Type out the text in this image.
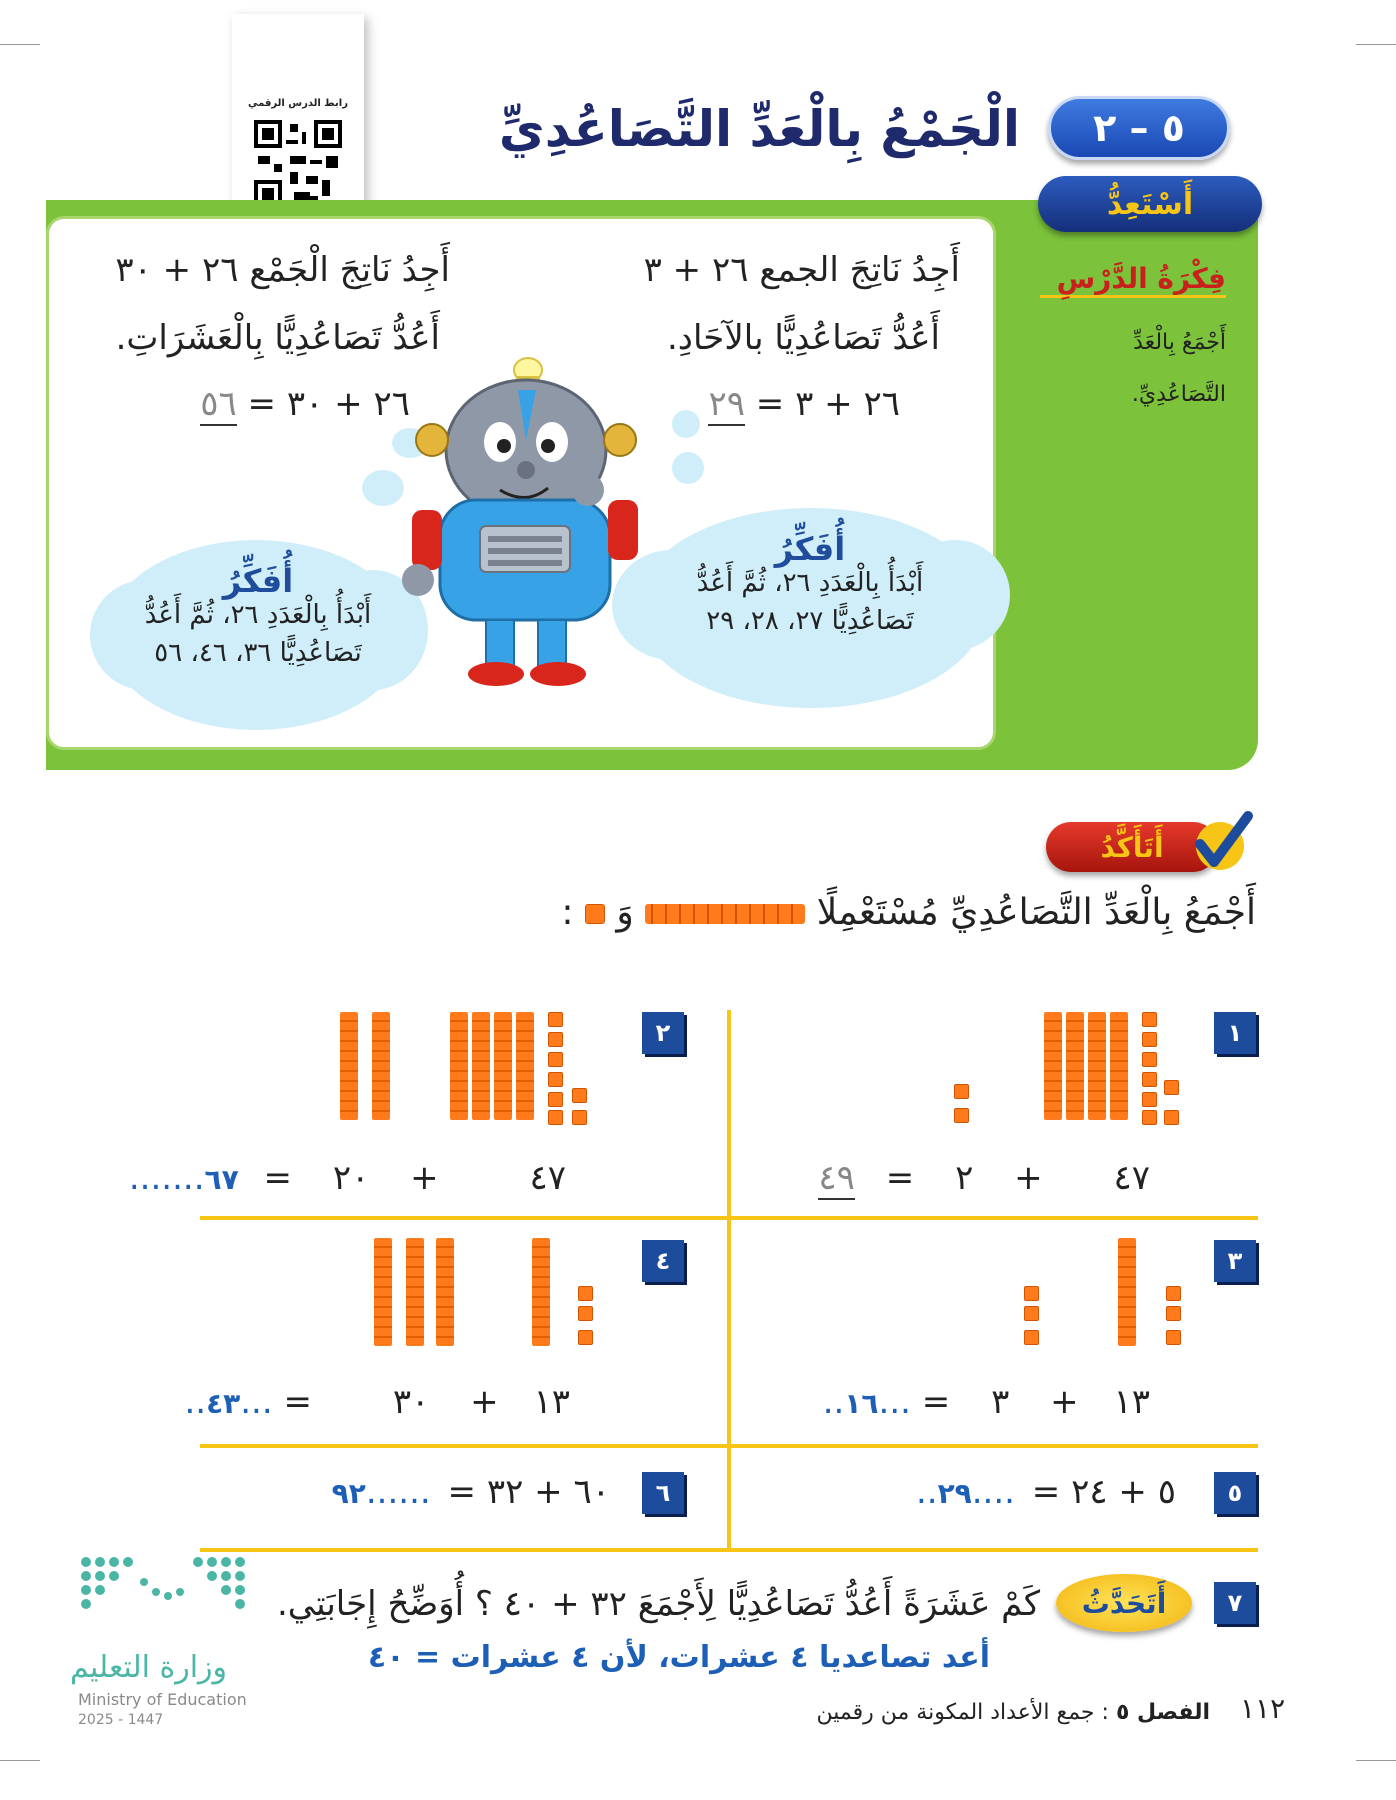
رابط الدرس الرقمي
٥ – ٢
الْجَمْعُ بِالْعَدِّ التَّصَاعُدِيِّ
أَسْتَعِدُّ
فِكْرَةُ الدَّرْسِ
أَجْمَعُ بِالْعَدِّ
التَّصَاعُدِيِّ.
أَجِدُ نَاتِجَ الجمع ٢٦ + ٣
أَعُدُّ تَصَاعُدِيًّا بالآحَادِ.
٢٦ + ٣ = ٢٩
أَجِدُ نَاتِجَ الْجَمْع ٢٦ + ٣٠
أَعُدُّ تَصَاعُدِيًّا بِالْعَشَرَاتِ.
٢٦ + ٣٠ = ٥٦
أُفَكِّرُ
أَبْدَأُ بِالْعَدَدِ ٢٦، ثُمَّ أَعُدُّ
تَصَاعُدِيًّا ٢٧، ٢٨، ٢٩
أُفَكِّرُ
أَبْدَأُ بِالْعَدَدِ ٢٦، ثُمَّ أَعُدُّ
تَصَاعُدِيًّا ٣٦، ٤٦، ٥٦
أَتَأَكَّدُ
أَجْمَعُ بِالْعَدِّ التَّصَاعُدِيِّ مُسْتَعْمِلًا  وَ  :
١
٤٧ + ٢ = ٤٩
٢
٤٧ + ٢٠ = ٦٧.......
٣
١٣ + ٣ = ...١٦..
٤
١٣ + ٣٠ = ...٤٣..
٥
٥ + ٢٤ = ....٢٩..
٦
٦٠ + ٣٢ = ......٩٢
٧
أَتَحَدَّثُ
كَمْ عَشَرَةً أَعُدُّ تَصَاعُدِيًّا لِأَجْمَعَ ٣٢ + ٤٠ ؟ أُوَضِّحُ إِجَابَتِي.
أعد تصاعديا ٤ عشرات، لأن ٤ عشرات = ٤٠
وزارة التعليم
Ministry of Education
2025 - 1447	١١٢
الفصل ٥ : جمع الأعداد المكونة من رقمين
